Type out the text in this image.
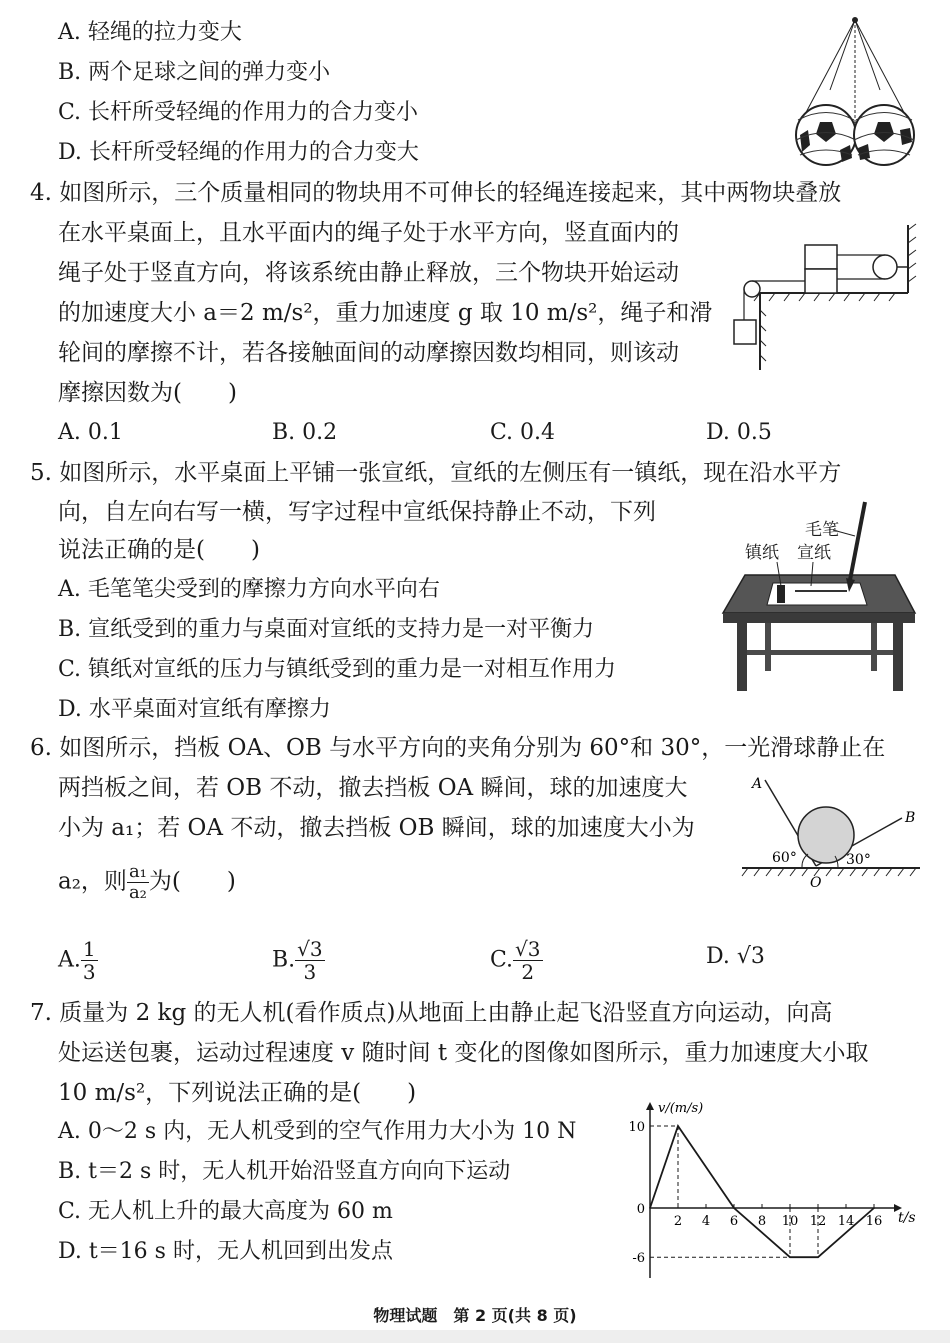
A. 轻绳的拉力变大
B. 两个足球之间的弹力变小
C. 长杆所受轻绳的作用力的合力变小
D. 长杆所受轻绳的作用力的合力变大
4. 如图所示，三个质量相同的物块用不可伸长的轻绳连接起来，其中两物块叠放
在水平桌面上，且水平面内的绳子处于水平方向，竖直面内的
绳子处于竖直方向，将该系统由静止释放，三个物块开始运动
的加速度大小 a＝2 m/s²，重力加速度 g 取 10 m/s²，绳子和滑
轮间的摩擦不计，若各接触面间的动摩擦因数均相同，则该动
摩擦因数为(　　)
A. 0.1	B. 0.2	C. 0.4	D. 0.5
5. 如图所示，水平桌面上平铺一张宣纸，宣纸的左侧压有一镇纸，现在沿水平方
向，自左向右写一横，写字过程中宣纸保持静止不动，下列
说法正确的是(　　)
A. 毛笔笔尖受到的摩擦力方向水平向右
B. 宣纸受到的重力与桌面对宣纸的支持力是一对平衡力
C. 镇纸对宣纸的压力与镇纸受到的重力是一对相互作用力
D. 水平桌面对宣纸有摩擦力
毛笔
镇纸 宣纸
6. 如图所示，挡板 OA、OB 与水平方向的夹角分别为 60°和 30°，一光滑球静止在
两挡板之间，若 OB 不动，撤去挡板 OA 瞬间，球的加速度大
小为 a₁；若 OA 不动，撤去挡板 OB 瞬间，球的加速度大小为
a₂，则 $\frac{\text{a₁}}{\text{a₂}}$ 为(　　)
A. $\frac{1}{3}$	B. $\frac{√3}{3}$	C. $\frac{√3}{2}$	D. √3
A
B
O
60°	30°
7. 质量为 2 kg 的无人机(看作质点)从地面上由静止起飞沿竖直方向运动，向高
处运送包裹，运动过程速度 v 随时间 t 变化的图像如图所示，重力加速度大小取
10 m/s²，下列说法正确的是(　　)
A. 0～2 s 内，无人机受到的空气作用力大小为 10 N
B. t＝2 s 时，无人机开始沿竖直方向向下运动
C. 无人机上升的最大高度为 60 m
D. t＝16 s 时，无人机回到出发点
2 4 6 8 10 12 14 16
10
0
-6
v/(m/s)
t/s
物理试题　第 2 页(共 8 页)
